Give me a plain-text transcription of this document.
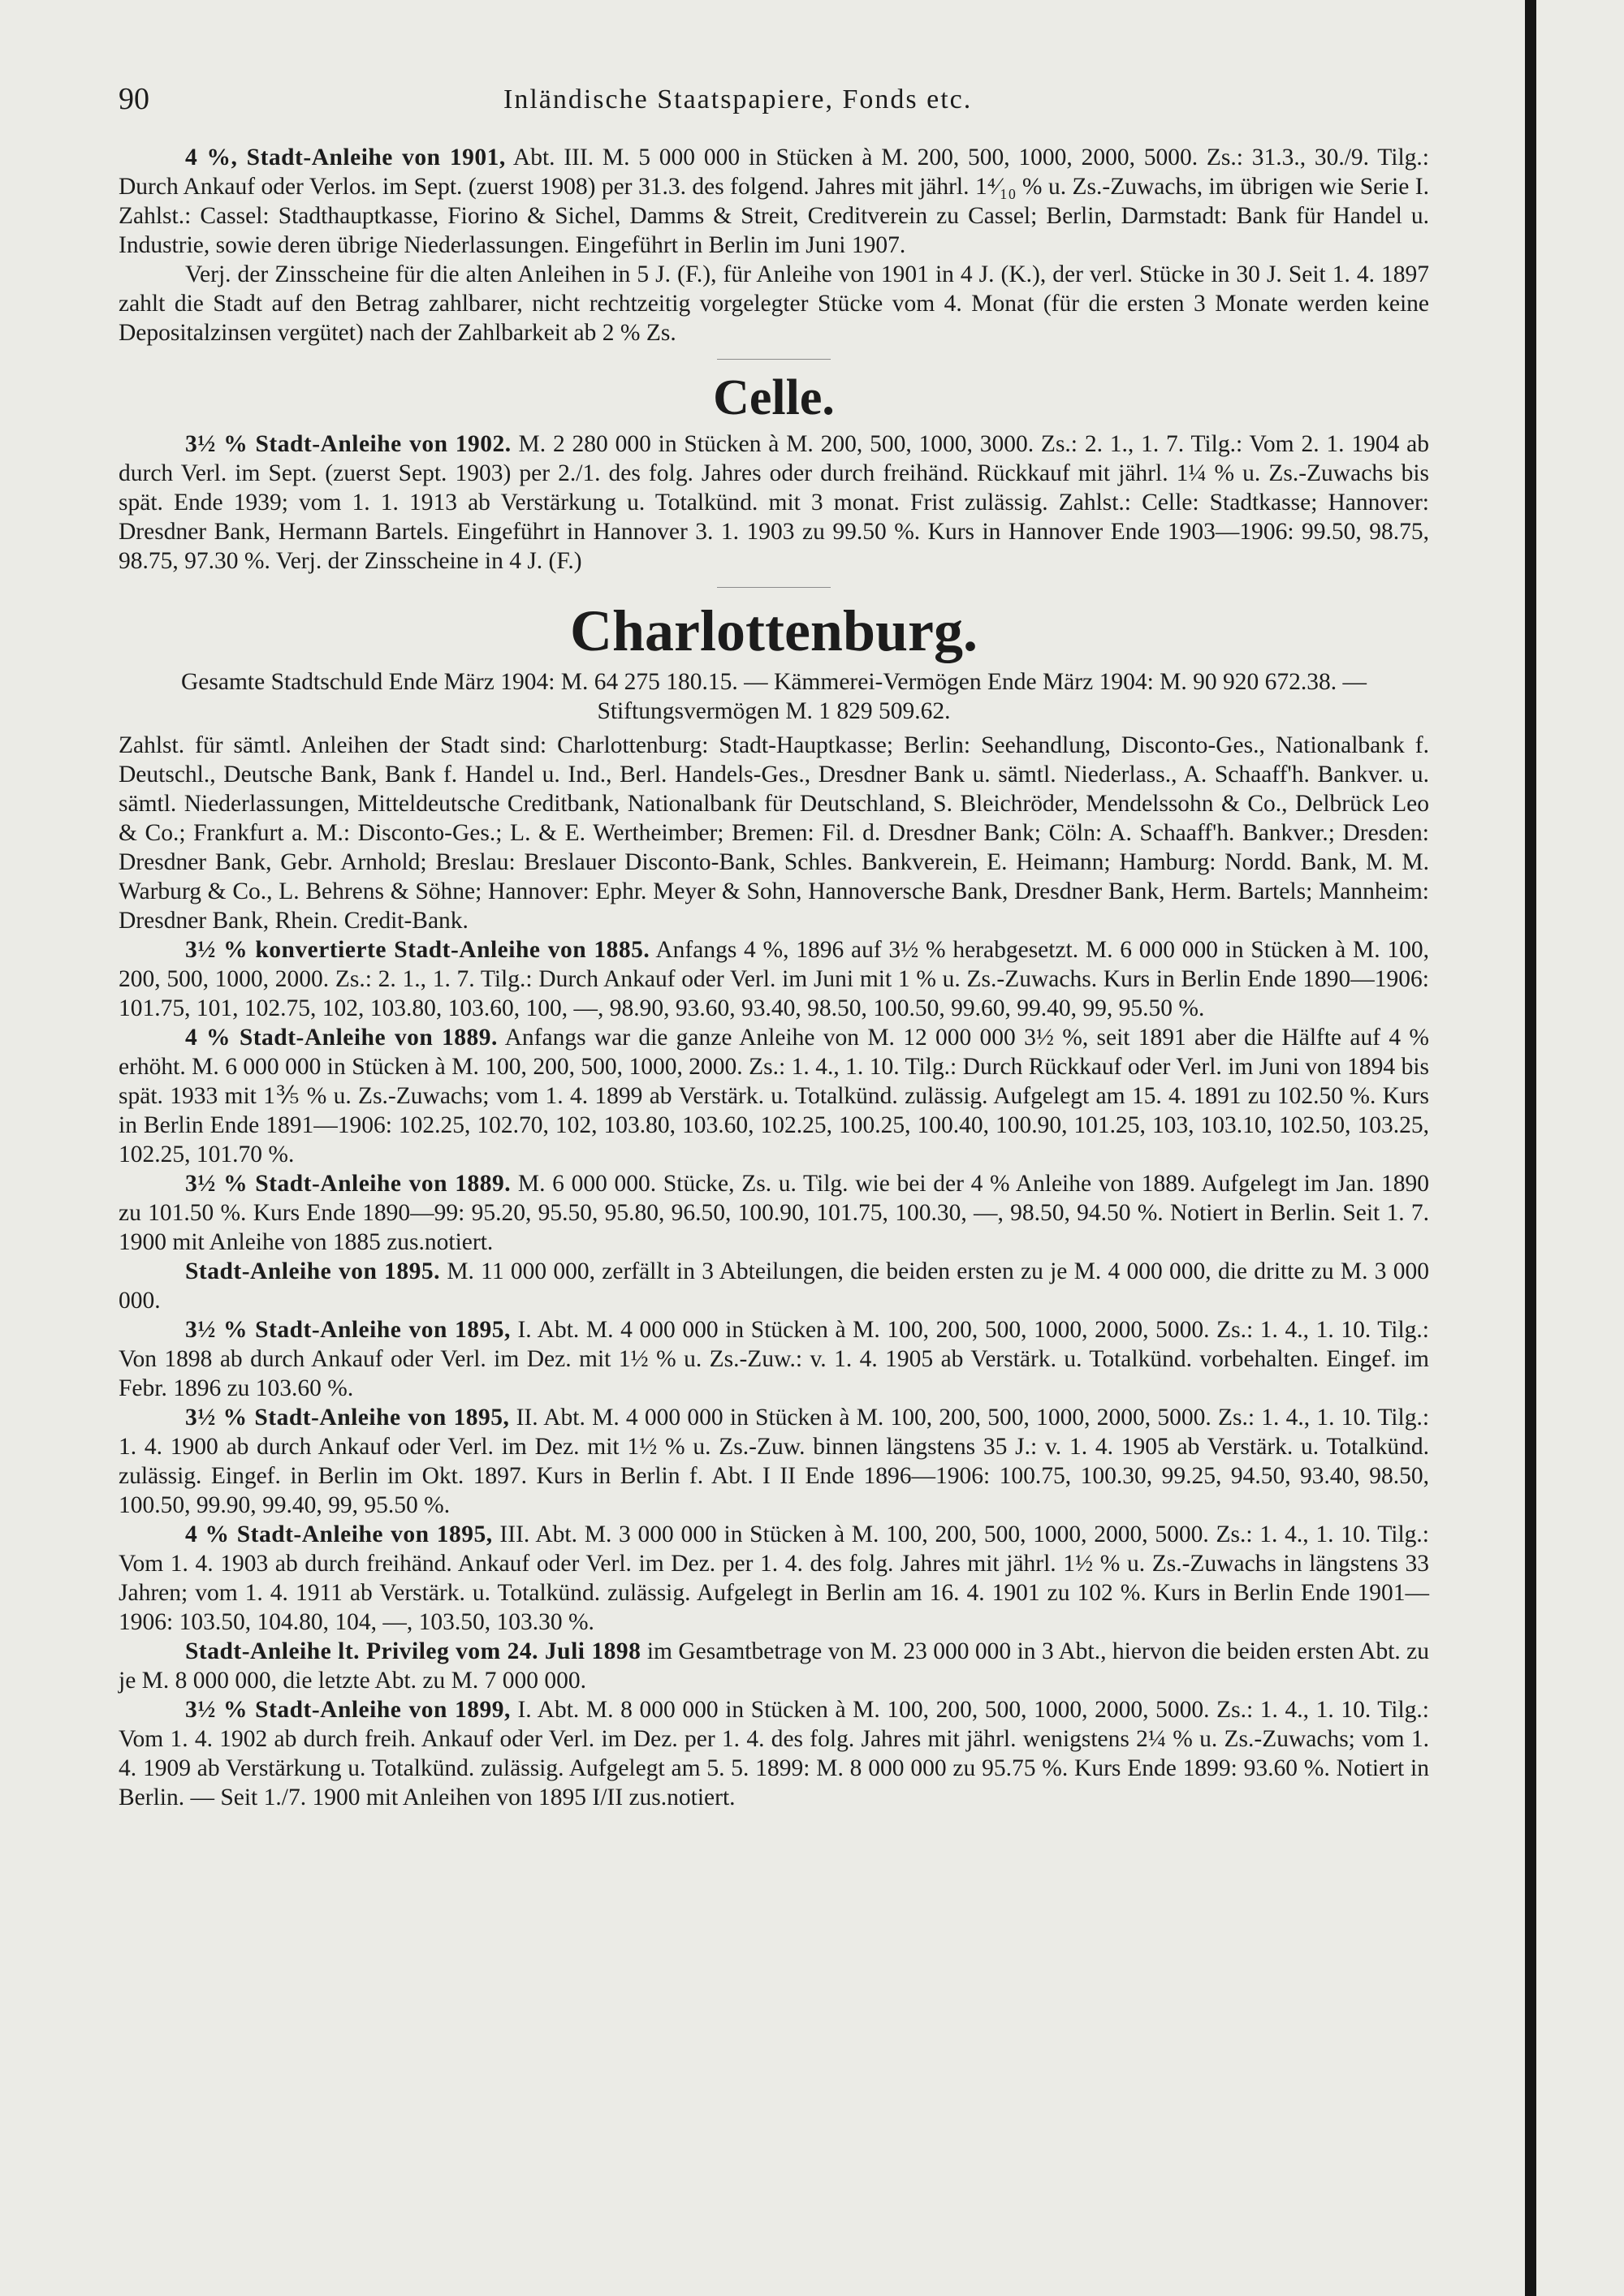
90	Inländische Staatspapiere, Fonds etc.

4 %, Stadt-Anleihe von 1901, Abt. III. M. 5 000 000 in Stücken à M. 200, 500, 1000, 2000, 5000. Zs.: 31.3., 30./9. Tilg.: Durch Ankauf oder Verlos. im Sept. (zuerst 1908) per 31.3. des folgend. Jahres mit jährl. 1⁴⁄₁₀ % u. Zs.-Zuwachs, im übrigen wie Serie I. Zahlst.: Cassel: Stadthauptkasse, Fiorino & Sichel, Damms & Streit, Creditverein zu Cassel; Berlin, Darmstadt: Bank für Handel u. Industrie, sowie deren übrige Niederlassungen. Eingeführt in Berlin im Juni 1907.

Verj. der Zinsscheine für die alten Anleihen in 5 J. (F.), für Anleihe von 1901 in 4 J. (K.), der verl. Stücke in 30 J. Seit 1. 4. 1897 zahlt die Stadt auf den Betrag zahlbarer, nicht rechtzeitig vorgelegter Stücke vom 4. Monat (für die ersten 3 Monate werden keine Depositalzinsen vergütet) nach der Zahlbarkeit ab 2 % Zs.

Celle.

3½ % Stadt-Anleihe von 1902. M. 2 280 000 in Stücken à M. 200, 500, 1000, 3000. Zs.: 2. 1., 1. 7. Tilg.: Vom 2. 1. 1904 ab durch Verl. im Sept. (zuerst Sept. 1903) per 2./1. des folg. Jahres oder durch freihänd. Rückkauf mit jährl. 1¼ % u. Zs.-Zuwachs bis spät. Ende 1939; vom 1. 1. 1913 ab Verstärkung u. Totalkünd. mit 3 monat. Frist zulässig. Zahlst.: Celle: Stadtkasse; Hannover: Dresdner Bank, Hermann Bartels. Eingeführt in Hannover 3. 1. 1903 zu 99.50 %. Kurs in Hannover Ende 1903—1906: 99.50, 98.75, 98.75, 97.30 %. Verj. der Zinsscheine in 4 J. (F.)

Charlottenburg.

Gesamte Stadtschuld Ende März 1904: M. 64 275 180.15. — Kämmerei-Vermögen Ende März 1904: M. 90 920 672.38. — Stiftungsvermögen M. 1 829 509.62.

Zahlst. für sämtl. Anleihen der Stadt sind: Charlottenburg: Stadt-Hauptkasse; Berlin: Seehandlung, Disconto-Ges., Nationalbank f. Deutschl., Deutsche Bank, Bank f. Handel u. Ind., Berl. Handels-Ges., Dresdner Bank u. sämtl. Niederlass., A. Schaaff'h. Bankver. u. sämtl. Niederlassungen, Mitteldeutsche Creditbank, Nationalbank für Deutschland, S. Bleichröder, Mendelssohn & Co., Delbrück Leo & Co.; Frankfurt a. M.: Disconto-Ges.; L. & E. Wertheimber; Bremen: Fil. d. Dresdner Bank; Cöln: A. Schaaff'h. Bankver.; Dresden: Dresdner Bank, Gebr. Arnhold; Breslau: Breslauer Disconto-Bank, Schles. Bankverein, E. Heimann; Hamburg: Nordd. Bank, M. M. Warburg & Co., L. Behrens & Söhne; Hannover: Ephr. Meyer & Sohn, Hannoversche Bank, Dresdner Bank, Herm. Bartels; Mannheim: Dresdner Bank, Rhein. Credit-Bank.

3½ % konvertierte Stadt-Anleihe von 1885. Anfangs 4 %, 1896 auf 3½ % herabgesetzt. M. 6 000 000 in Stücken à M. 100, 200, 500, 1000, 2000. Zs.: 2. 1., 1. 7. Tilg.: Durch Ankauf oder Verl. im Juni mit 1 % u. Zs.-Zuwachs. Kurs in Berlin Ende 1890—1906: 101.75, 101, 102.75, 102, 103.80, 103.60, 100, —, 98.90, 93.60, 93.40, 98.50, 100.50, 99.60, 99.40, 99, 95.50 %.

4 % Stadt-Anleihe von 1889. Anfangs war die ganze Anleihe von M. 12 000 000 3½ %, seit 1891 aber die Hälfte auf 4 % erhöht. M. 6 000 000 in Stücken à M. 100, 200, 500, 1000, 2000. Zs.: 1. 4., 1. 10. Tilg.: Durch Rückkauf oder Verl. im Juni von 1894 bis spät. 1933 mit 1⅗ % u. Zs.-Zuwachs; vom 1. 4. 1899 ab Verstärk. u. Totalkünd. zulässig. Aufgelegt am 15. 4. 1891 zu 102.50 %. Kurs in Berlin Ende 1891—1906: 102.25, 102.70, 102, 103.80, 103.60, 102.25, 100.25, 100.40, 100.90, 101.25, 103, 103.10, 102.50, 103.25, 102.25, 101.70 %.

3½ % Stadt-Anleihe von 1889. M. 6 000 000. Stücke, Zs. u. Tilg. wie bei der 4 % Anleihe von 1889. Aufgelegt im Jan. 1890 zu 101.50 %. Kurs Ende 1890—99: 95.20, 95.50, 95.80, 96.50, 100.90, 101.75, 100.30, —, 98.50, 94.50 %. Notiert in Berlin. Seit 1. 7. 1900 mit Anleihe von 1885 zus.notiert.

Stadt-Anleihe von 1895. M. 11 000 000, zerfällt in 3 Abteilungen, die beiden ersten zu je M. 4 000 000, die dritte zu M. 3 000 000.

3½ % Stadt-Anleihe von 1895, I. Abt. M. 4 000 000 in Stücken à M. 100, 200, 500, 1000, 2000, 5000. Zs.: 1. 4., 1. 10. Tilg.: Von 1898 ab durch Ankauf oder Verl. im Dez. mit 1½ % u. Zs.-Zuw.: v. 1. 4. 1905 ab Verstärk. u. Totalkünd. vorbehalten. Eingef. im Febr. 1896 zu 103.60 %.

3½ % Stadt-Anleihe von 1895, II. Abt. M. 4 000 000 in Stücken à M. 100, 200, 500, 1000, 2000, 5000. Zs.: 1. 4., 1. 10. Tilg.: 1. 4. 1900 ab durch Ankauf oder Verl. im Dez. mit 1½ % u. Zs.-Zuw. binnen längstens 35 J.: v. 1. 4. 1905 ab Verstärk. u. Totalkünd. zulässig. Eingef. in Berlin im Okt. 1897. Kurs in Berlin f. Abt. I II Ende 1896—1906: 100.75, 100.30, 99.25, 94.50, 93.40, 98.50, 100.50, 99.90, 99.40, 99, 95.50 %.

4 % Stadt-Anleihe von 1895, III. Abt. M. 3 000 000 in Stücken à M. 100, 200, 500, 1000, 2000, 5000. Zs.: 1. 4., 1. 10. Tilg.: Vom 1. 4. 1903 ab durch freihänd. Ankauf oder Verl. im Dez. per 1. 4. des folg. Jahres mit jährl. 1½ % u. Zs.-Zuwachs in längstens 33 Jahren; vom 1. 4. 1911 ab Verstärk. u. Totalkünd. zulässig. Aufgelegt in Berlin am 16. 4. 1901 zu 102 %. Kurs in Berlin Ende 1901—1906: 103.50, 104.80, 104, —, 103.50, 103.30 %.

Stadt-Anleihe lt. Privileg vom 24. Juli 1898 im Gesamtbetrage von M. 23 000 000 in 3 Abt., hiervon die beiden ersten Abt. zu je M. 8 000 000, die letzte Abt. zu M. 7 000 000.

3½ % Stadt-Anleihe von 1899, I. Abt. M. 8 000 000 in Stücken à M. 100, 200, 500, 1000, 2000, 5000. Zs.: 1. 4., 1. 10. Tilg.: Vom 1. 4. 1902 ab durch freih. Ankauf oder Verl. im Dez. per 1. 4. des folg. Jahres mit jährl. wenigstens 2¼ % u. Zs.-Zuwachs; vom 1. 4. 1909 ab Verstärkung u. Totalkünd. zulässig. Aufgelegt am 5. 5. 1899: M. 8 000 000 zu 95.75 %. Kurs Ende 1899: 93.60 %. Notiert in Berlin. — Seit 1./7. 1900 mit Anleihen von 1895 I/II zus.notiert.
